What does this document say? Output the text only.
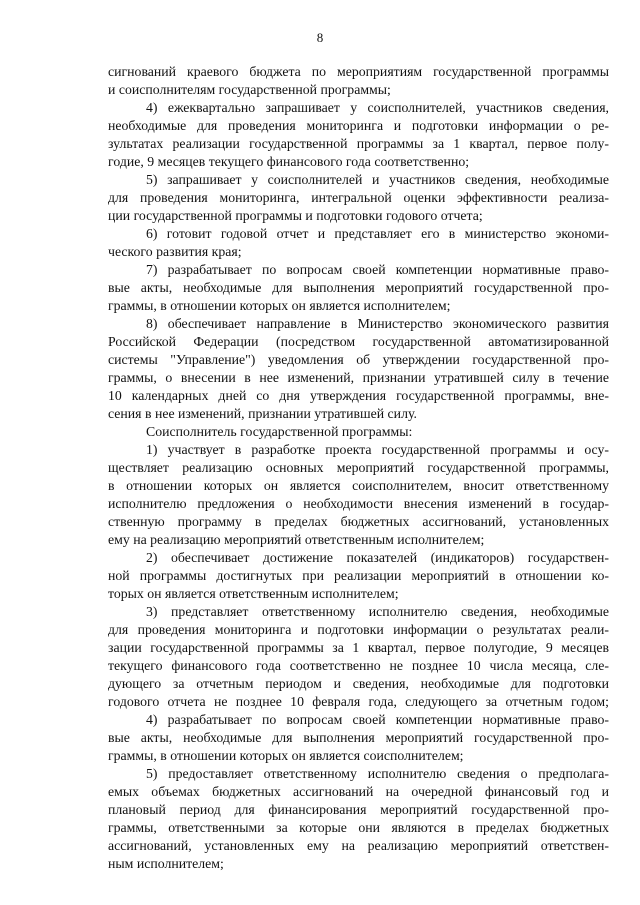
8
сигнований краевого бюджета по мероприятиям государственной программы
и соисполнителям государственной программы;
4) ежеквартально запрашивает у соисполнителей, участников сведения,
необходимые для проведения мониторинга и подготовки информации о ре-
зультатах реализации государственной программы за 1 квартал, первое полу-
годие, 9 месяцев текущего финансового года соответственно;
5) запрашивает у соисполнителей и участников сведения, необходимые
для проведения мониторинга, интегральной оценки эффективности реализа-
ции государственной программы и подготовки годового отчета;
6) готовит годовой отчет и представляет его в министерство экономи-
ческого развития края;
7) разрабатывает по вопросам своей компетенции нормативные право-
вые акты, необходимые для выполнения мероприятий государственной про-
граммы, в отношении которых он является исполнителем;
8) обеспечивает направление в Министерство экономического развития
Российской Федерации (посредством государственной автоматизированной
системы "Управление") уведомления об утверждении государственной про-
граммы, о внесении в нее изменений, признании утратившей силу в течение
10 календарных дней со дня утверждения государственной программы, вне-
сения в нее изменений, признании утратившей силу.
Соисполнитель государственной программы:
1) участвует в разработке проекта государственной программы и осу-
ществляет реализацию основных мероприятий государственной программы,
в отношении которых он является соисполнителем, вносит ответственному
исполнителю предложения о необходимости внесения изменений в государ-
ственную программу в пределах бюджетных ассигнований, установленных
ему на реализацию мероприятий ответственным исполнителем;
2) обеспечивает достижение показателей (индикаторов) государствен-
ной программы достигнутых при реализации мероприятий в отношении ко-
торых он является ответственным исполнителем;
3) представляет ответственному исполнителю сведения, необходимые
для проведения мониторинга и подготовки информации о результатах реали-
зации государственной программы за 1 квартал, первое полугодие, 9 месяцев
текущего финансового года соответственно не позднее 10 числа месяца, сле-
дующего за отчетным периодом и сведения, необходимые для подготовки
годового отчета не позднее 10 февраля года, следующего за отчетным годом;
4) разрабатывает по вопросам своей компетенции нормативные право-
вые акты, необходимые для выполнения мероприятий государственной про-
граммы, в отношении которых он является соисполнителем;
5) предоставляет ответственному исполнителю сведения о предполага-
емых объемах бюджетных ассигнований на очередной финансовый год и
плановый период для финансирования мероприятий государственной про-
граммы, ответственными за которые они являются в пределах бюджетных
ассигнований, установленных ему на реализацию мероприятий ответствен-
ным исполнителем;
